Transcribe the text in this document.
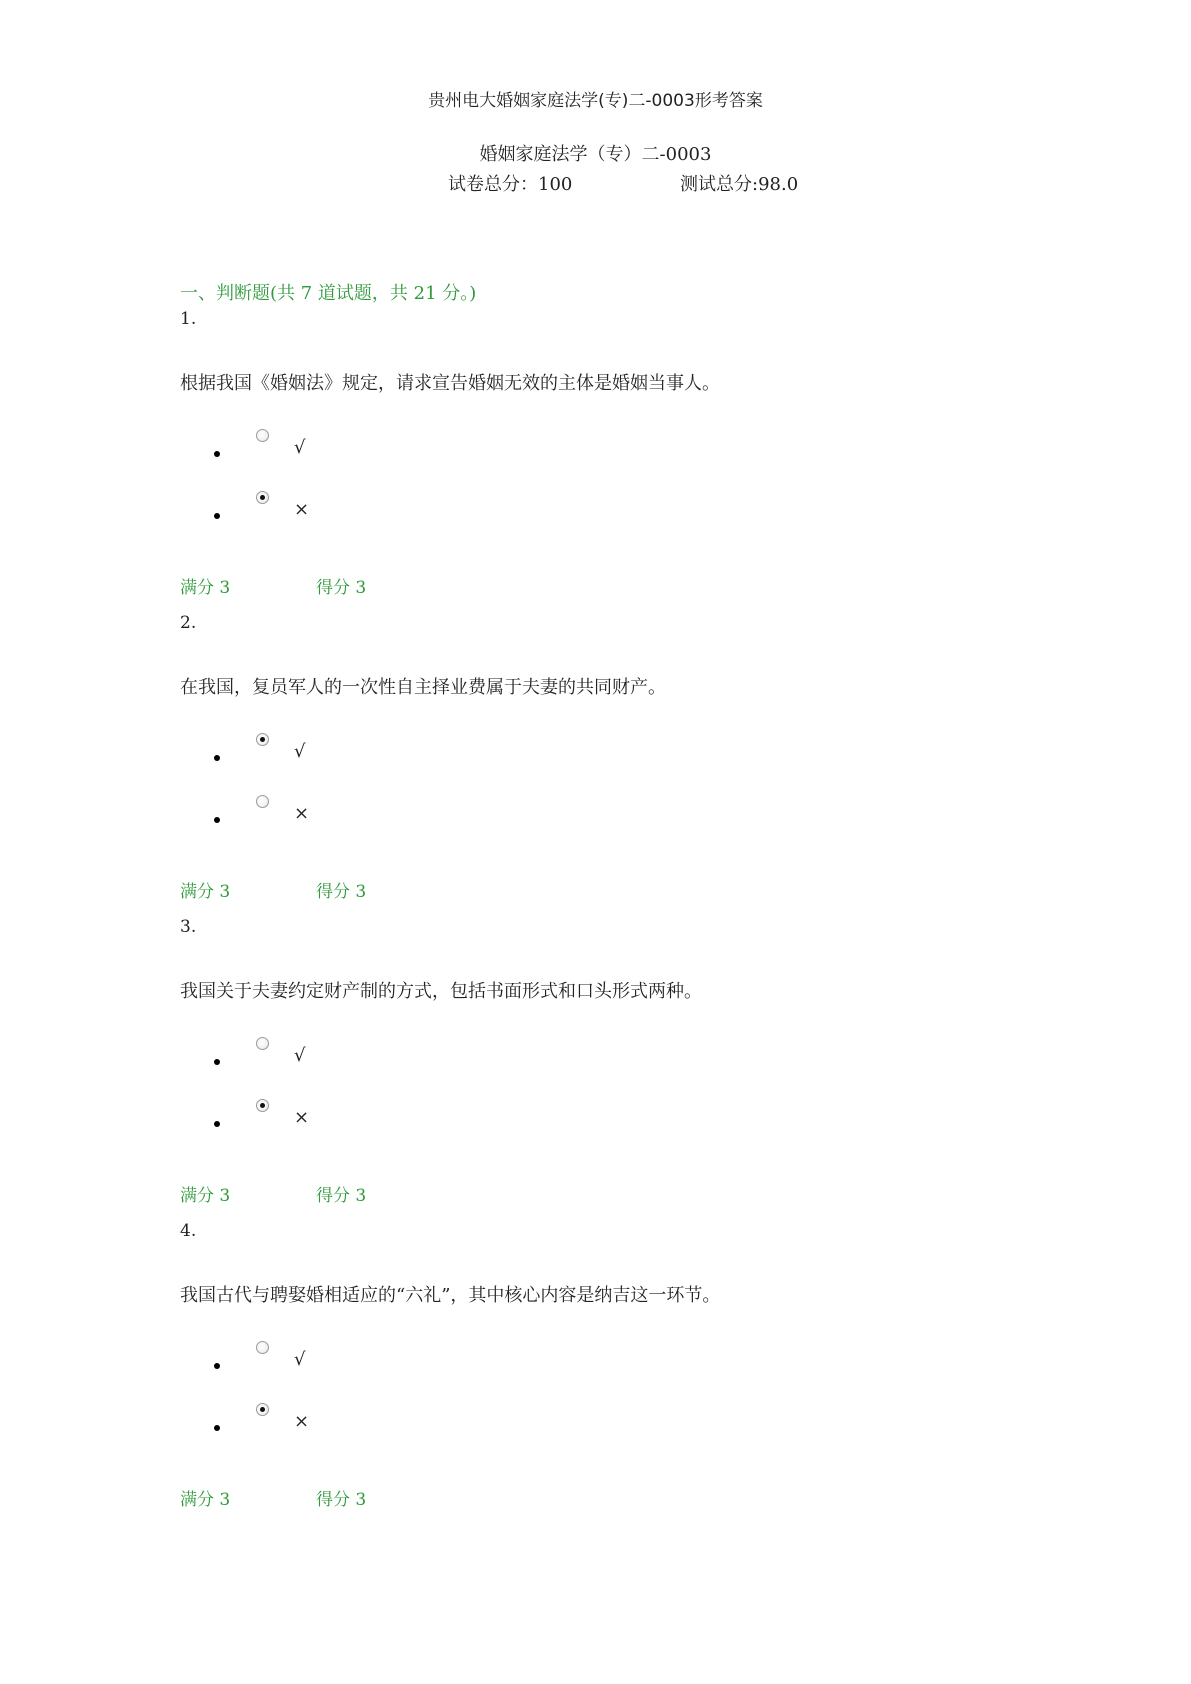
贵州电大婚姻家庭法学(专)二-0003形考答案
婚姻家庭法学（专）二-0003
试卷总分：100	测试总分:98.0
一、判断题(共 7 道试题，共 21 分。)
1.
根据我国《婚姻法》规定，请求宣告婚姻无效的主体是婚姻当事人。
√
×
满分 3	得分 3
2.
在我国，复员军人的一次性自主择业费属于夫妻的共同财产。
√
×
满分 3	得分 3
3.
我国关于夫妻约定财产制的方式，包括书面形式和口头形式两种。
√
×
满分 3	得分 3
4.
我国古代与聘娶婚相适应的“六礼”，其中核心内容是纳吉这一环节。
√
×
满分 3	得分 3
